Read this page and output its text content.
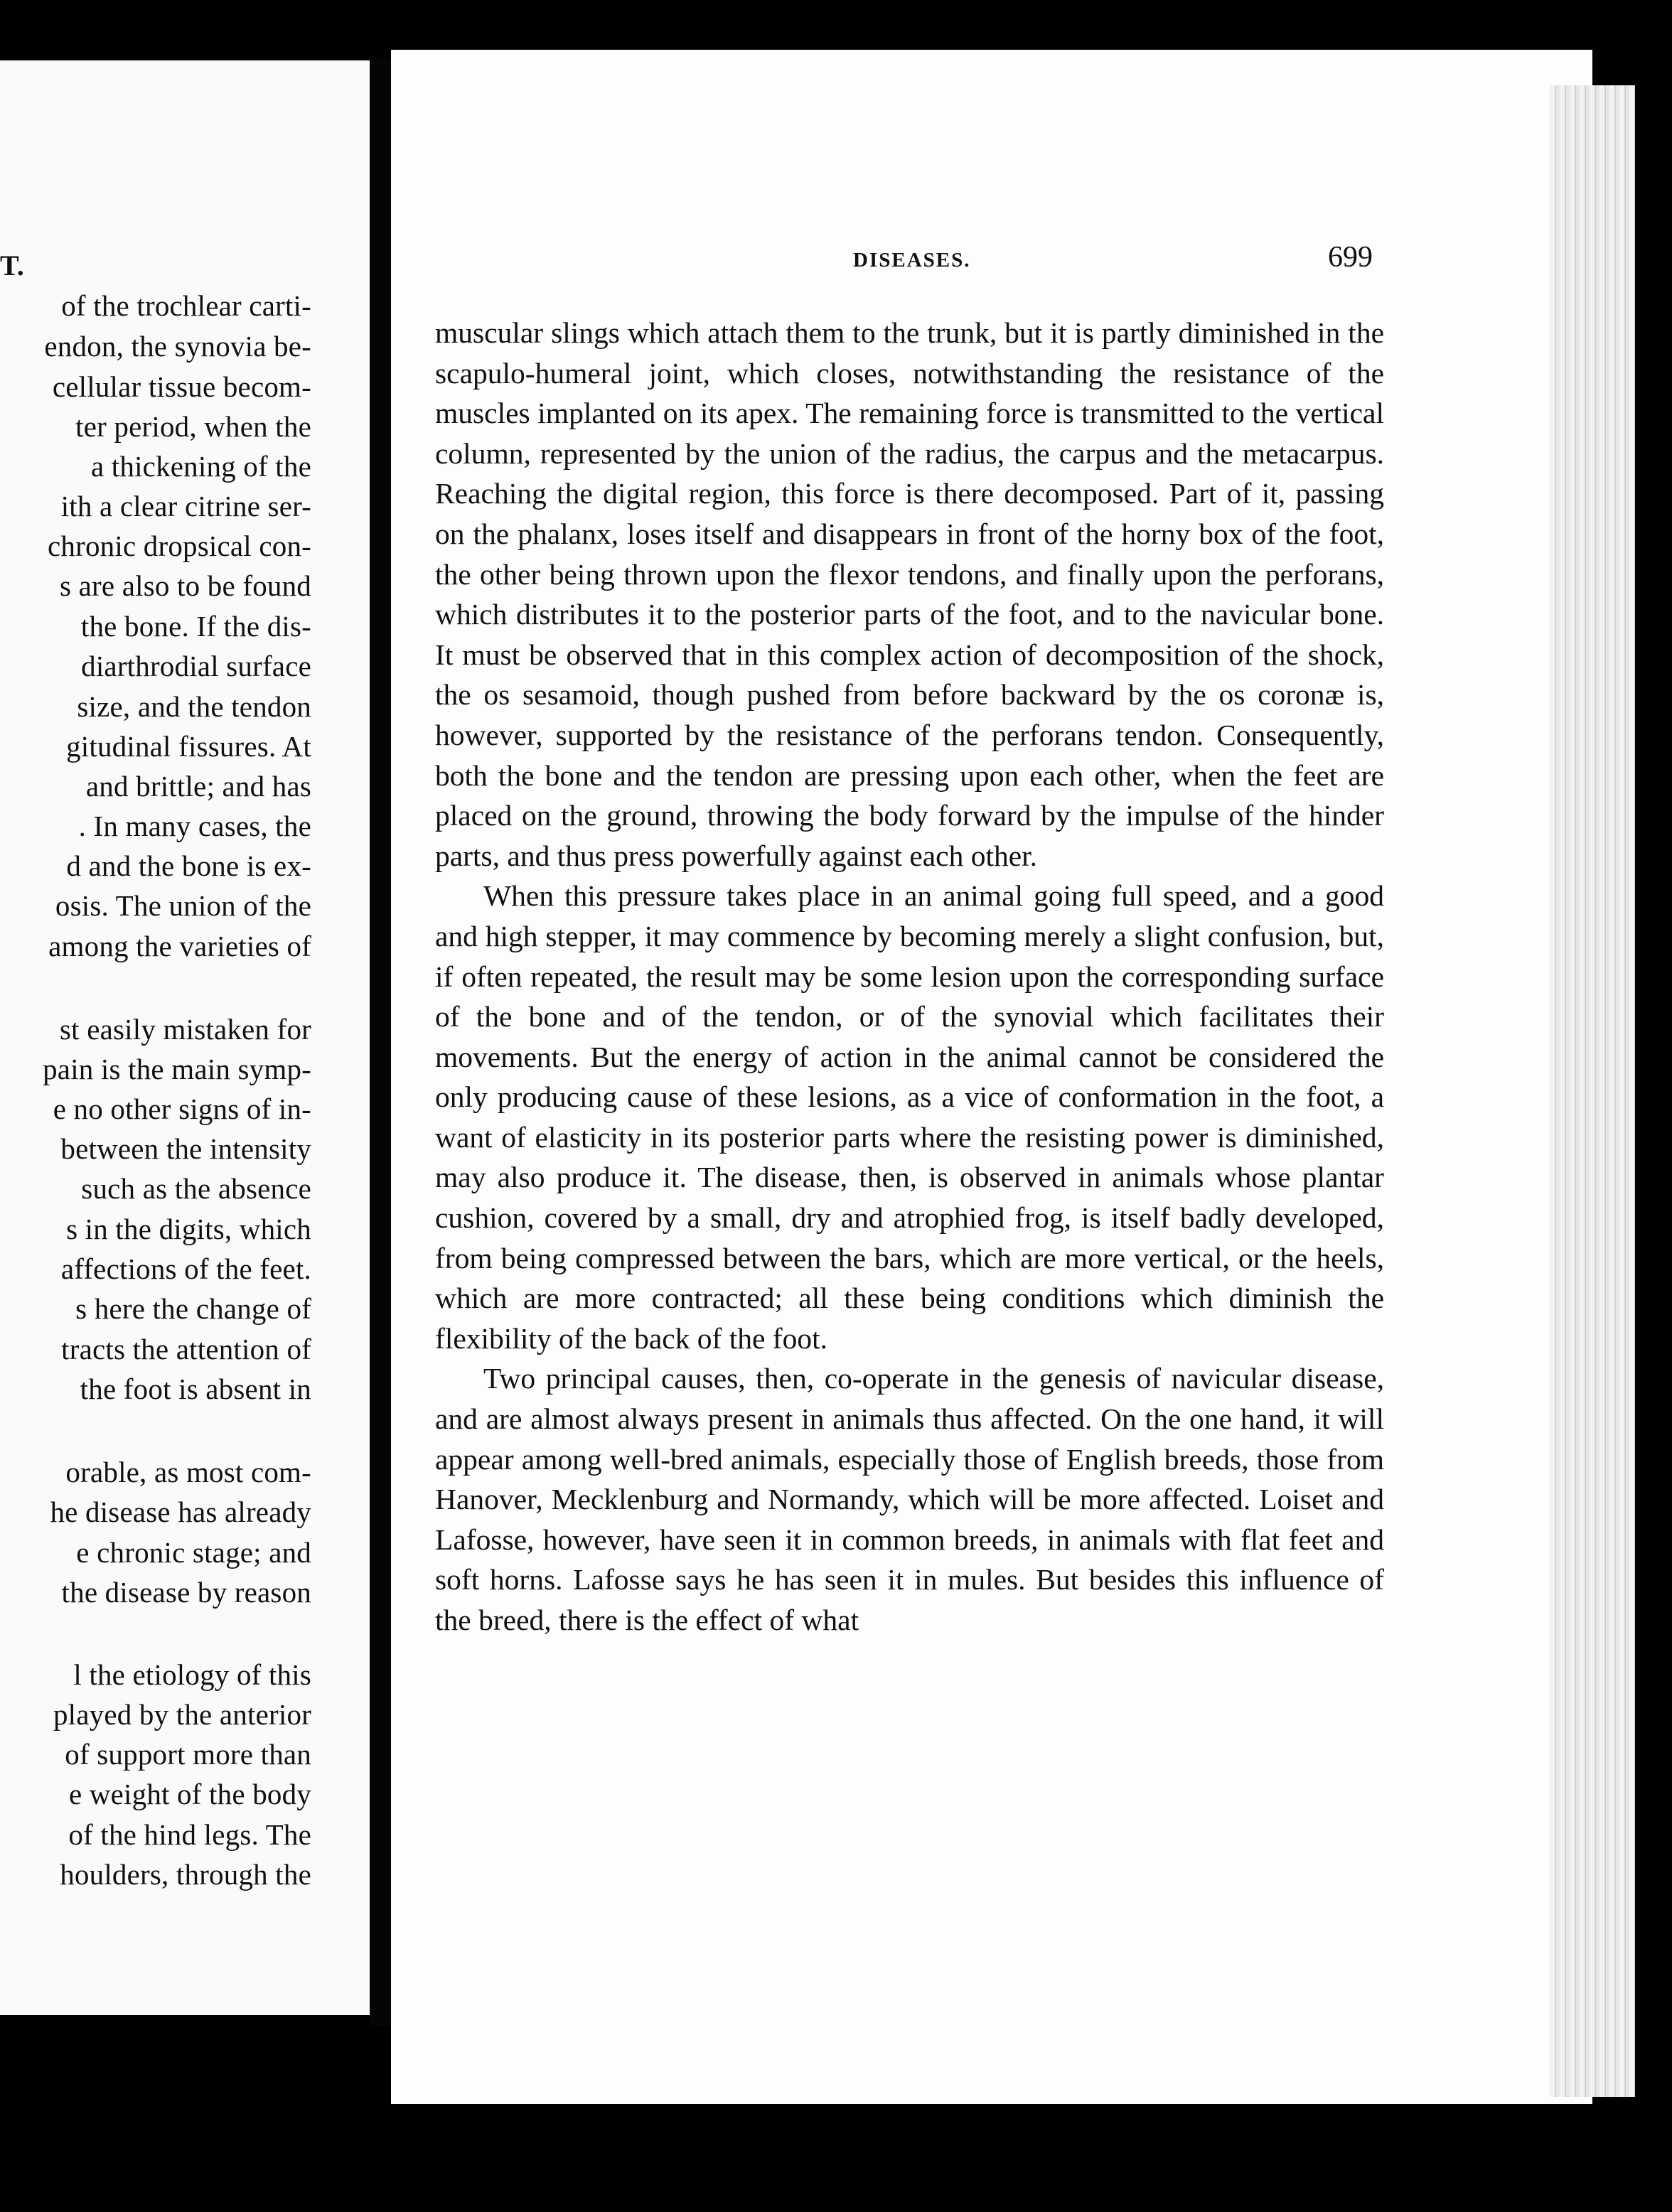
T.
of the trochlear carti-
endon, the synovia be-
cellular tissue becom-
ter period, when the
a thickening of the
ith a clear citrine ser-
chronic dropsical con-
s are also to be found
the bone. If the dis-
diarthrodial surface
size, and the tendon
gitudinal fissures. At
and brittle; and has
. In many cases, the
d and the bone is ex-
osis. The union of the
among the varieties of
st easily mistaken for
pain is the main symp-
e no other signs of in-
between the intensity
such as the absence
s in the digits, which
affections of the feet.
s here the change of
tracts the attention of
the foot is absent in
orable, as most com-
he disease has already
e chronic stage; and
the disease by reason
l the etiology of this
played by the anterior
of support more than
e weight of the body
of the hind legs. The
houlders, through the
DISEASES.	699

muscular slings which attach them to the trunk, but it is partly diminished in the scapulo-humeral joint, which closes, notwithstanding the resistance of the muscles implanted on its apex. The remaining force is transmitted to the vertical column, represented by the union of the radius, the carpus and the metacarpus. Reaching the digital region, this force is there decomposed. Part of it, passing on the phalanx, loses itself and disappears in front of the horny box of the foot, the other being thrown upon the flexor tendons, and finally upon the perforans, which distributes it to the posterior parts of the foot, and to the navicular bone. It must be observed that in this complex action of decomposition of the shock, the os sesamoid, though pushed from before backward by the os coronæ is, however, supported by the resistance of the perforans tendon. Consequently, both the bone and the tendon are pressing upon each other, when the feet are placed on the ground, throwing the body forward by the impulse of the hinder parts, and thus press powerfully against each other.

When this pressure takes place in an animal going full speed, and a good and high stepper, it may commence by becoming merely a slight confusion, but, if often repeated, the result may be some lesion upon the corresponding surface of the bone and of the tendon, or of the synovial which facilitates their movements. But the energy of action in the animal cannot be considered the only producing cause of these lesions, as a vice of conformation in the foot, a want of elasticity in its posterior parts where the resisting power is diminished, may also produce it. The disease, then, is observed in animals whose plantar cushion, covered by a small, dry and atrophied frog, is itself badly developed, from being compressed between the bars, which are more vertical, or the heels, which are more contracted; all these being conditions which diminish the flexibility of the back of the foot.

Two principal causes, then, co-operate in the genesis of navicular disease, and are almost always present in animals thus affected. On the one hand, it will appear among well-bred animals, especially those of English breeds, those from Hanover, Mecklenburg and Normandy, which will be more affected. Loiset and Lafosse, however, have seen it in common breeds, in animals with flat feet and soft horns. Lafosse says he has seen it in mules. But besides this influence of the breed, there is the effect of what
